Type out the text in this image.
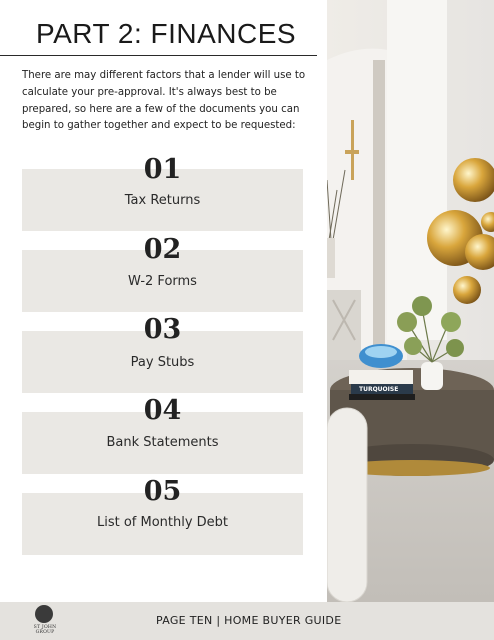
PART 2: FINANCES

There are may different factors that a lender will use to calculate your pre-approval. It's always best to be prepared, so here are a few of the documents you can begin to gather together and expect to be requested:

01
Tax Returns
02
W-2 Forms
03
Pay Stubs
04
Bank Statements
05
List of Monthly Debt
TURQUOISE
ST JOHN GROUP
PAGE TEN | HOME BUYER GUIDE
